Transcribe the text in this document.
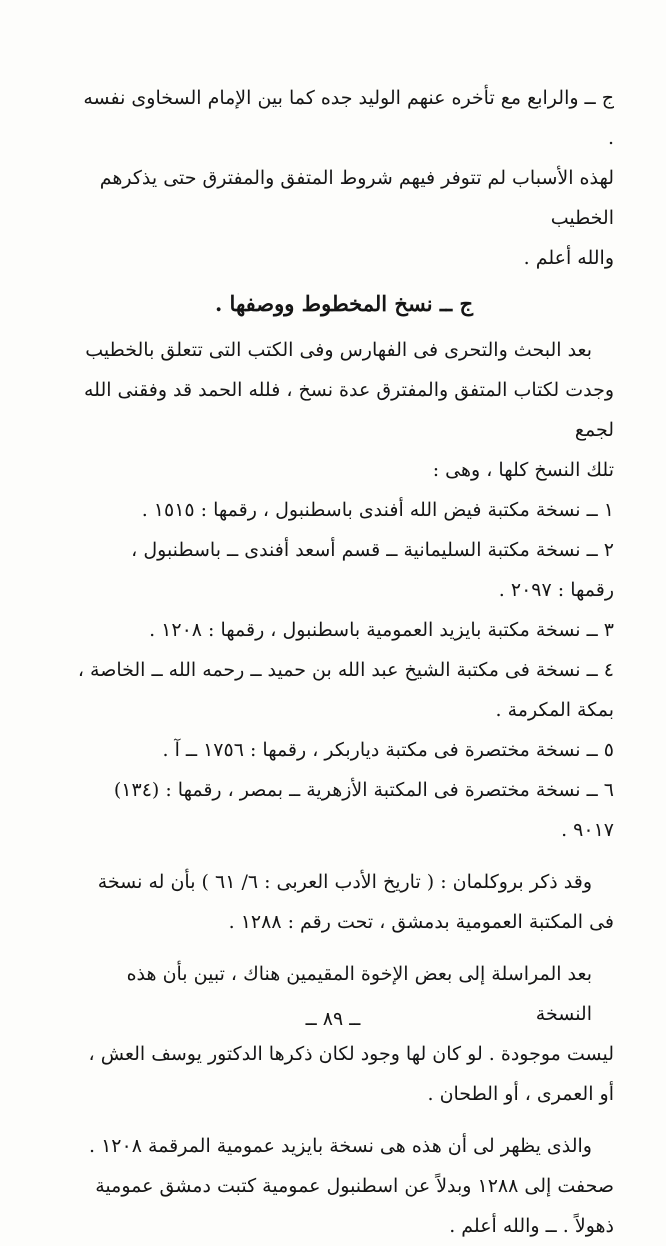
ج ــ والرابع مع تأخره عنهم الوليد جده كما بين الإمام السخاوى نفسه .

لهذه الأسباب لم تتوفر فيهم شروط المتفق والمفترق حتى يذكرهم الخطيب

والله أعلم .

ج ــ نسخ المخطوط ووصفها .

بعد البحث والتحرى فى الفهارس وفى الكتب التى تتعلق بالخطيب

وجدت لكتاب المتفق والمفترق عدة نسخ ، فلله الحمد قد وفقنى الله لجمع

تلك النسخ كلها ، وهى :

١ ــ نسخة مكتبة فيض الله أفندى باسطنبول ، رقمها : ١٥١٥ .

٢ ــ نسخة مكتبة السليمانية ــ قسم أسعد أفندى ــ باسطنبول ،

رقمها : ٢٠٩٧ .

٣ ــ نسخة مكتبة بايزيد العمومية باسطنبول ، رقمها : ١٢٠٨ .

٤ ــ نسخة فى مكتبة الشيخ عبد الله بن حميد ــ رحمه الله ــ الخاصة ،

بمكة المكرمة .

٥ ــ نسخة مختصرة فى مكتبة دياربكر ، رقمها : ١٧٥٦ ــ آ .

٦ ــ نسخة مختصرة فى المكتبة الأزهرية ــ بمصر ، رقمها : (١٣٤)

٩٠١٧ .

وقد ذكر بروكلمان : ( تاريخ الأدب العربى : ٦/ ٦١ ) بأن له نسخة

فى المكتبة العمومية بدمشق ، تحت رقم : ١٢٨٨ .

بعد المراسلة إلى بعض الإخوة المقيمين هناك ، تبين بأن هذه النسخة

ليست موجودة . لو كان لها وجود لكان ذكرها الدكتور يوسف العش ،

أو العمرى ، أو الطحان .

والذى يظهر لى أن هذه هى نسخة بايزيد عمومية المرقمة ١٢٠٨ .

صحفت إلى ١٢٨٨ وبدلاً عن اسطنبول عمومية كتبت دمشق عمومية

ذهولاً . ــ والله أعلم .

ــ ٨٩ ــ
